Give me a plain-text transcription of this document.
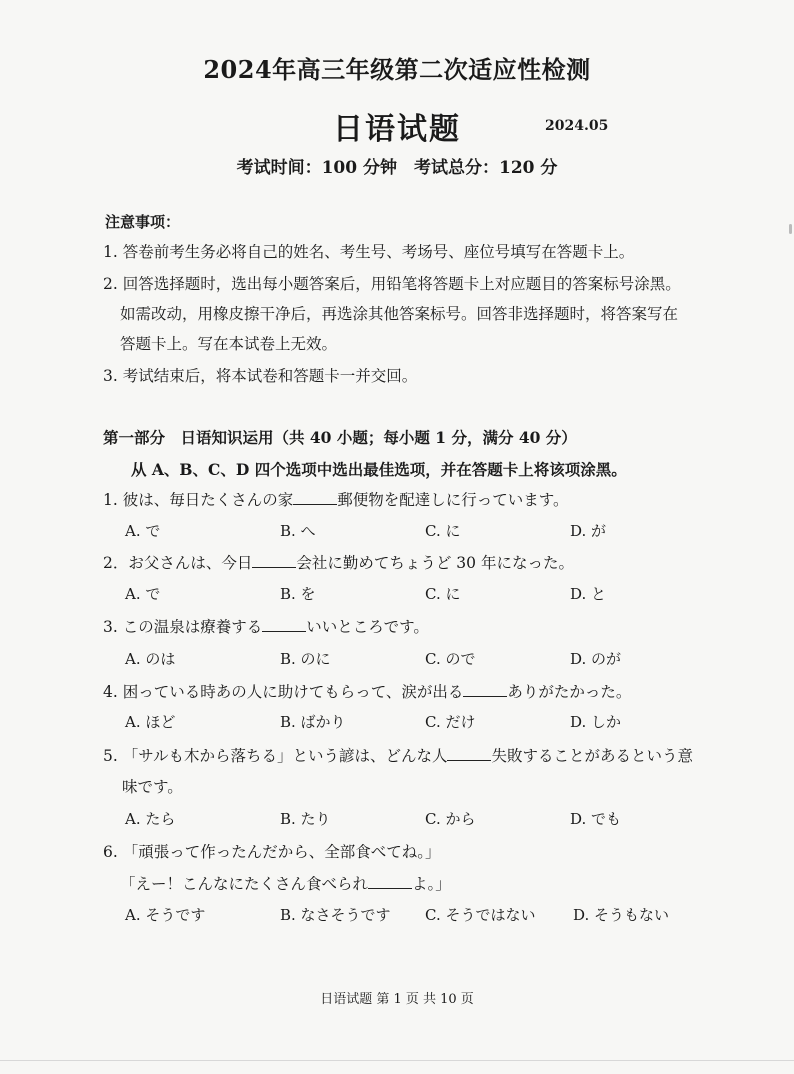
2024年高三年级第二次适应性检测
日语试题	2024.05
考试时间：100 分钟　考试总分：120 分
注意事项：
1. 答卷前考生务必将自己的姓名、考生号、考场号、座位号填写在答题卡上。
2. 回答选择题时，选出每小题答案后，用铅笔将答题卡上对应题目的答案标号涂黑。
如需改动，用橡皮擦干净后，再选涂其他答案标号。回答非选择题时，将答案写在
答题卡上。写在本试卷上无效。
3. 考试结束后，将本试卷和答题卡一并交回。
第一部分　日语知识运用（共 40 小题；每小题 1 分，满分 40 分）
从 A、B、C、D 四个选项中选出最佳选项，并在答题卡上将该项涂黑。
1. 彼は、毎日たくさんの家	郵便物を配達しに行っています。
A. で	B. へ	C. に	D. が
2．お父さんは、今日	会社に勤めてちょうど 30 年になった。
A. で	B. を	C. に	D. と
3. この温泉は療養する	いいところです。
A. のは	B. のに	C. ので	D. のが
4. 困っている時あの人に助けてもらって、涙が出る	ありがたかった。
A. ほど	B. ばかり	C. だけ	D. しか
5. 「サルも木から落ちる」という諺は、どんな人	失敗することがあるという意
味です。
A. たら	B. たり	C. から	D. でも
6. 「頑張って作ったんだから、全部食べてね。」
「えー！こんなにたくさん食べられ	よ。」
A. そうです	B. なさそうです C. そうではない	D. そうもない
日语试题 第 1 页 共 10 页
